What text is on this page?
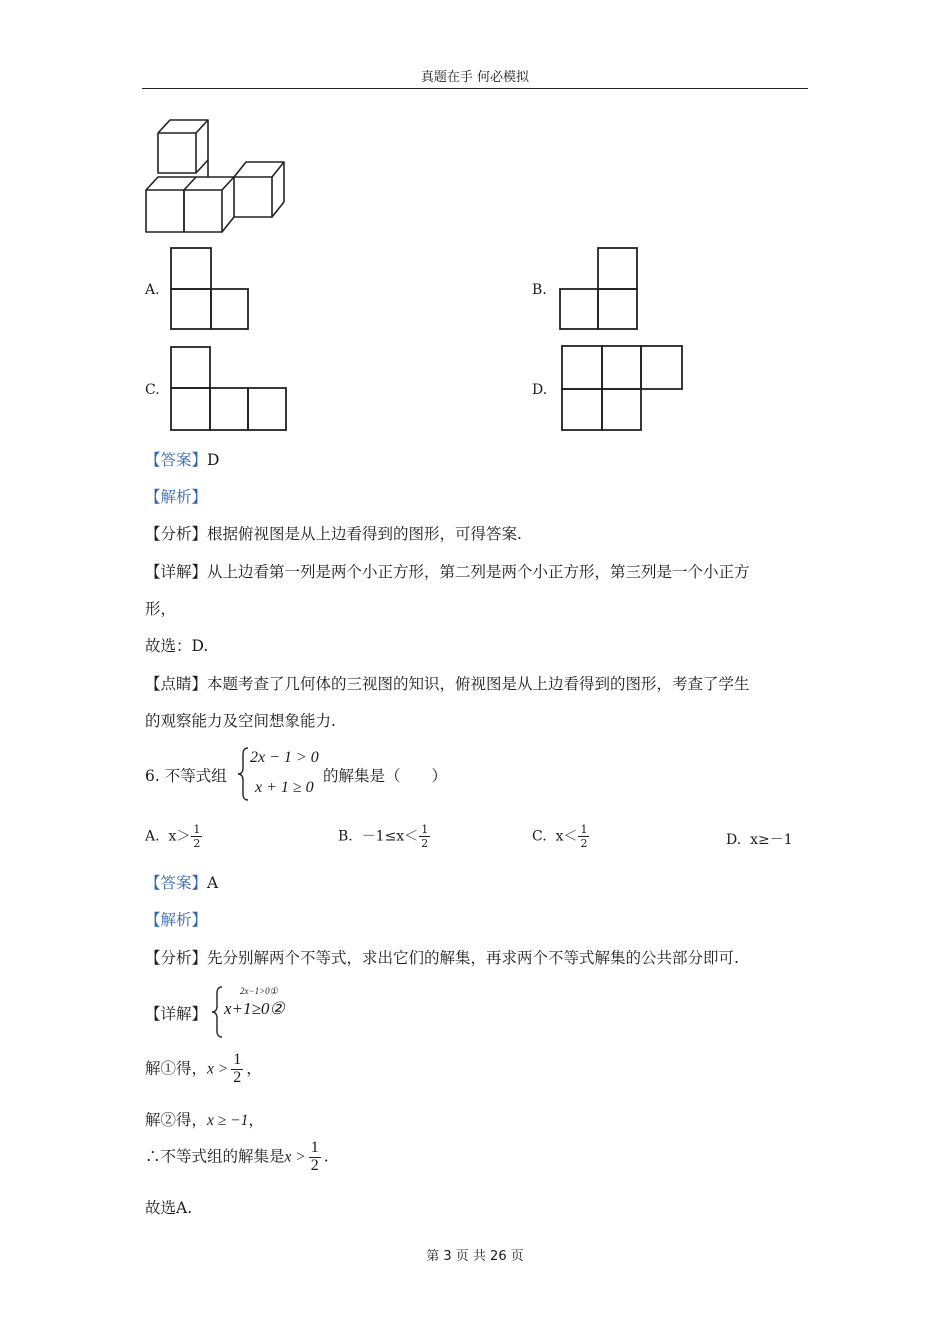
真题在手 何必模拟
A.	B.
C.	D.
【答案】D
【解析】
【分析】根据俯视图是从上边看得到的图形，可得答案.
【详解】从上边看第一列是两个小正方形，第二列是两个小正方形，第三列是一个小正方
形，
故选：D.
【点睛】本题考查了几何体的三视图的知识，俯视图是从上边看得到的图形，考查了学生
的观察能力及空间想象能力.
6. 不等式组
2x − 1 > 0
x + 1 ≥ 0
的解集是（　　）
A. $x> \frac{1}{2}$	B. $-1\le x< \frac{1}{2}$	C. $x< \frac{1}{2}$	D. x≥－1
【答案】A
【解析】
【分析】先分别解两个不等式，求出它们的解集，再求两个不等式解集的公共部分即可.
【详解】
2x−1>0①
x+1≥0②
解①得，$x > \frac{1}{2}$ ，
解②得，x ≥ −1，
∴不等式组的解集是$x > \frac{1}{2}$ .
故选A.
第 3 页 共 26 页
